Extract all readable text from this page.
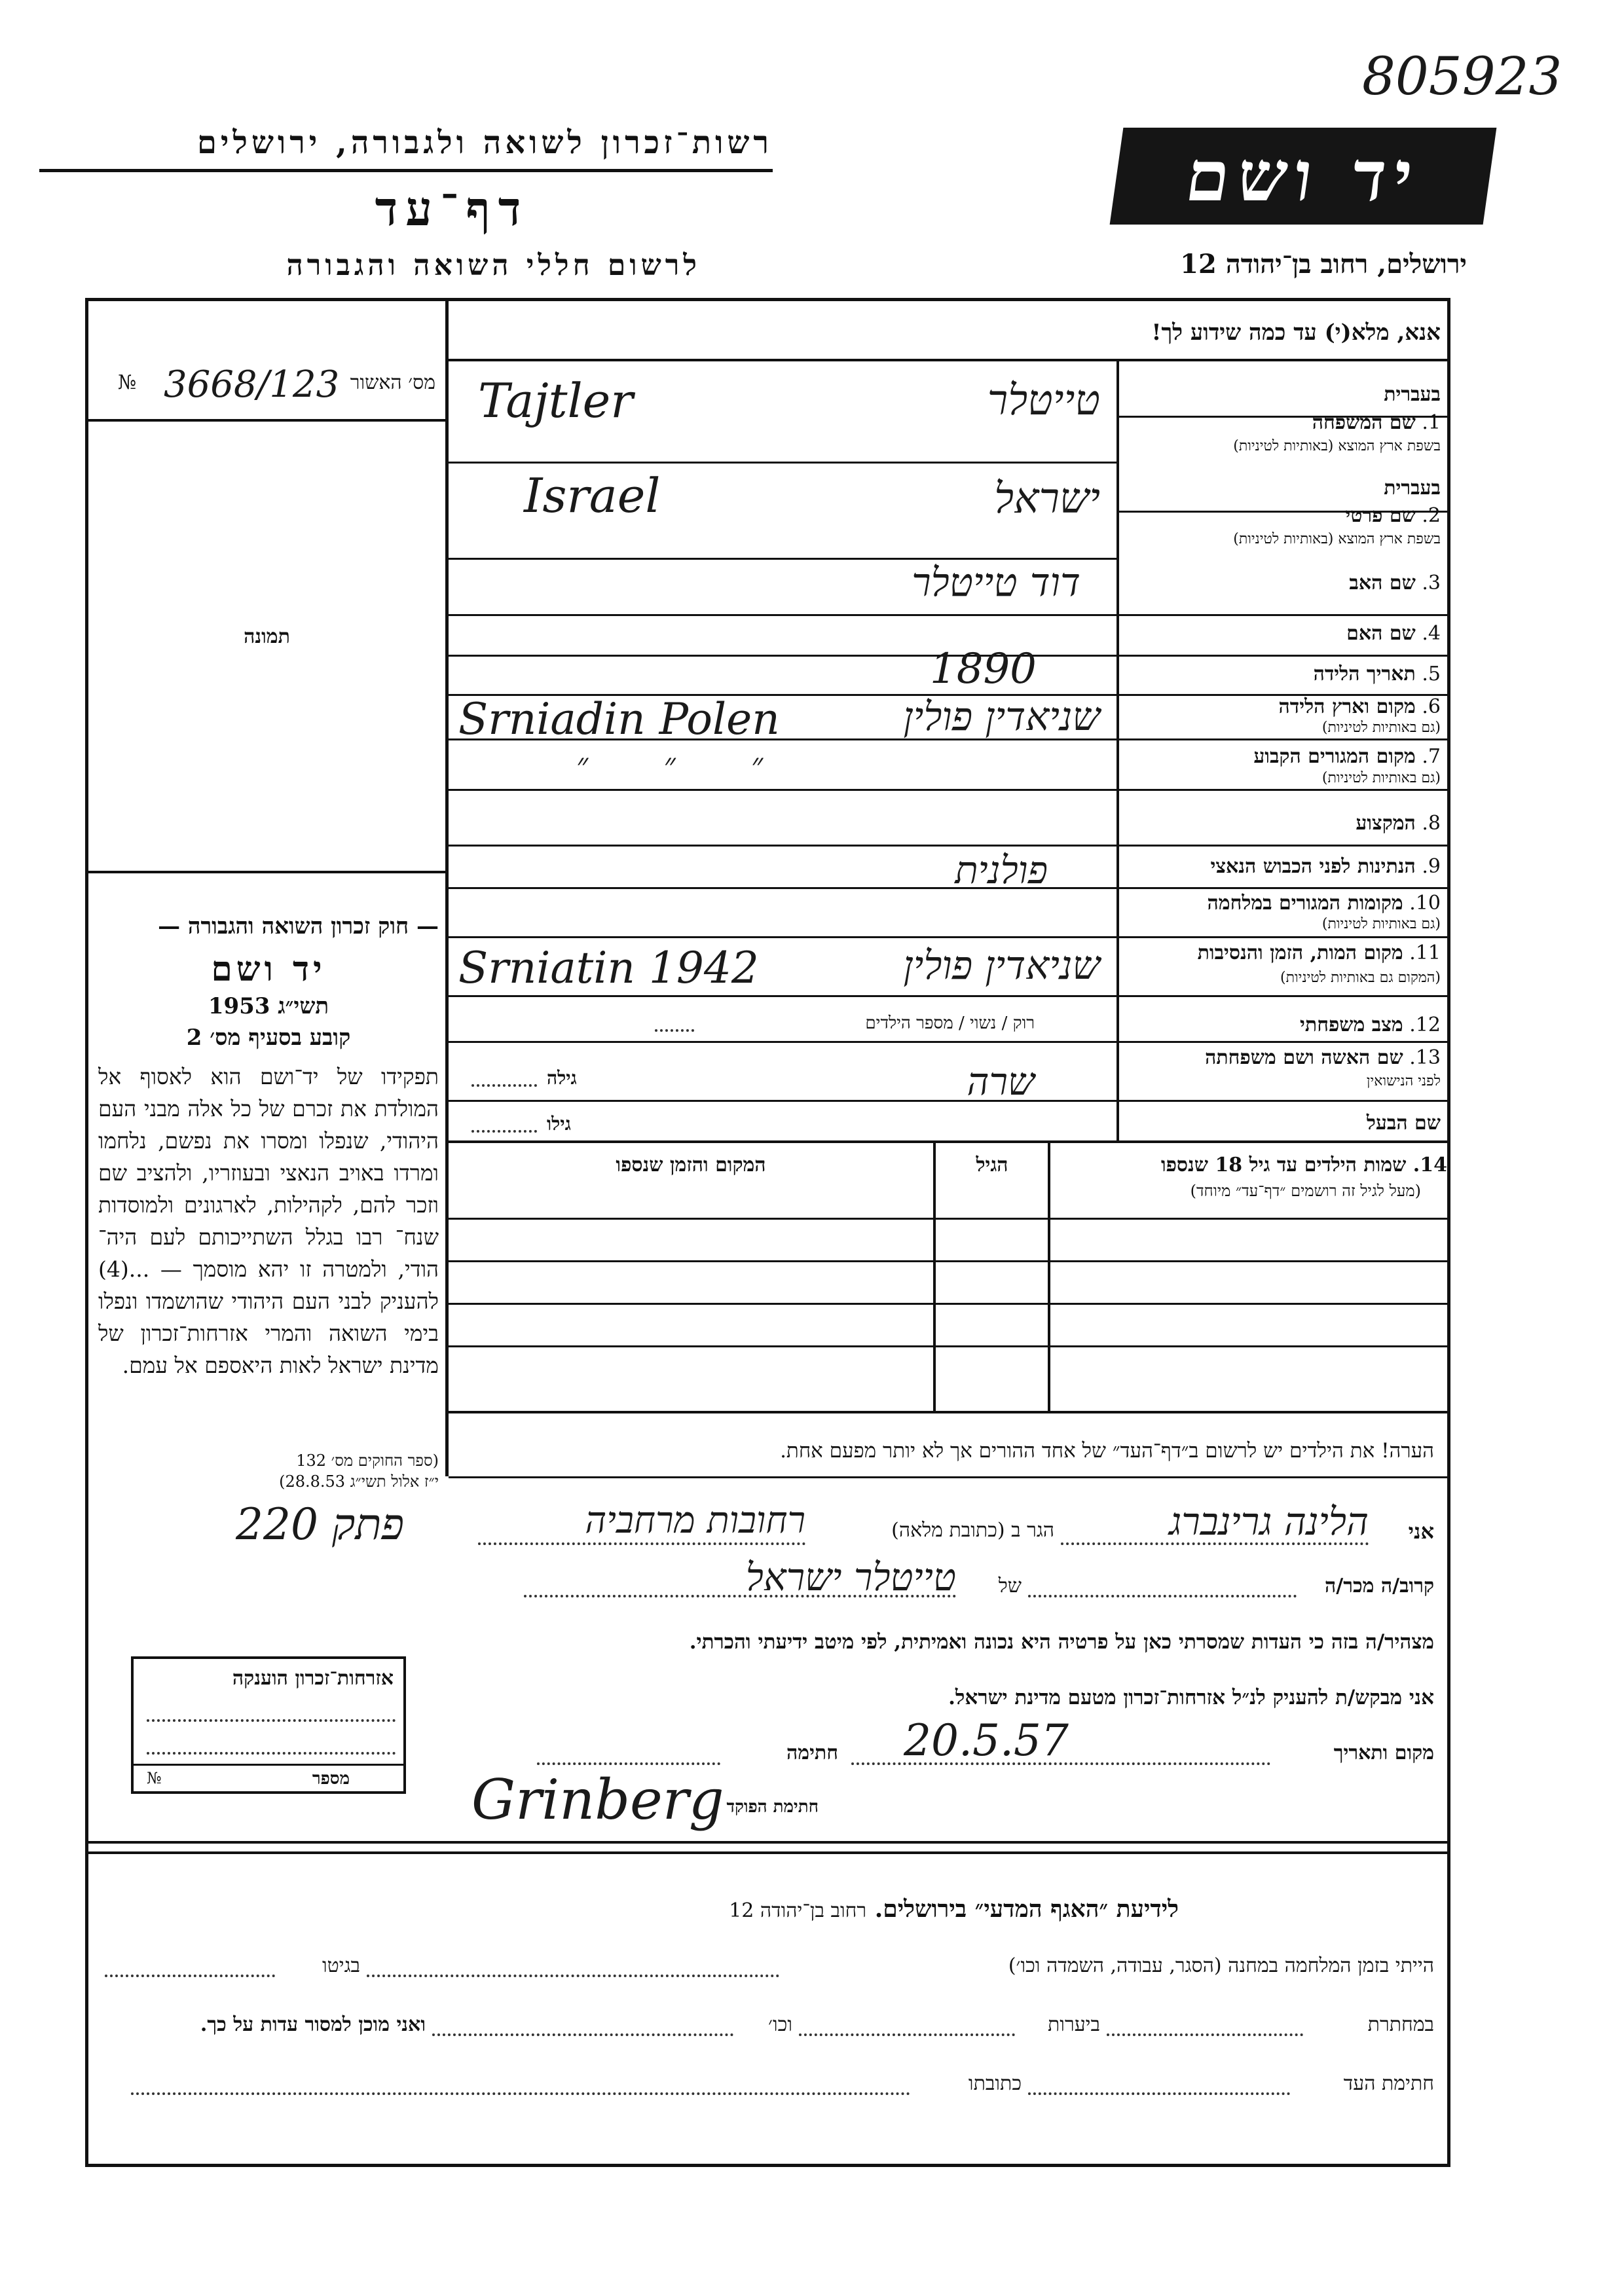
805923
רשות־זכרון לשואה ולגבורה, ירושלים
דף־עד
לרשום חללי השואה והגבורה
יד ושם
ירושלים, רחוב בן־יהודה 12
אנא, מלא(י) עד כמה שידוע לך!
№ 3668/123 מס׳ האשור
תמונה
— חוק זכרון השואה והגבורה —
יד ושם
תשי״ג 1953
קובע בסעיף מס׳ 2
תפקידו של יד־ושם הוא לאסוף אל המולדת את זכרם של כל אלה מבני העם היהודי, שנפלו ומסרו את נפשם, נלחמו ומרדו באויב הנאצי ובעוזריו, ולהציב שם וזכר להם, לקהילות, לארגונים ולמוסדות שנח־ רבו בגלל השתייכותם לעם היה־ הודי, ולמטרה זו יהא מוסמך — ...(4) להעניק לבני העם היהודי שהושמדו ונפלו בימי השואה והמרי אזרחות־זכרון של מדינת ישראל לאות היאספם אל עמם.
(ספר החוקים מס׳ 132
י״ז אלול תשי״ג 28.8.53)
בעברית
1. שם המשפחה
בשפת ארץ המוצא (באותיות לטיניות)
Tajtler	טייטלר
בעברית
2. שם פרטי
בשפת ארץ המוצא (באותיות לטיניות)
Israel	ישראל
3. שם האב
דוד טייטלר
4. שם האם
5. תאריך הלידה
1890
6. מקום וארץ הלידה
(גם באותיות לטיניות)
Srniadin Polen	שניאדין פולין
7. מקום המגורים הקבוע
(גם באותיות לטיניות)
״ ״ ״
8. המקצוע
9. הנתינות לפני הכבוש הנאצי
פולנית
10. מקומות המגורים במלחמה
(גם באותיות לטיניות)
11. מקום המות, הזמן והנסיבות
(המקום גם באותיות לטיניות)
Srniatin 1942	שניאדין פולין
12. מצב משפחתי
רוק / נשוי / מספר הילדים
13. שם האשה ושם משפחתה
לפני הנישואין
גילה	שרה
שם הבעל
גילו
14. שמות הילדים עד גיל 18 שנספו
(מעל לגיל זה רושמים ״דף־עד״ מיוחד)
הגיל
המקום והזמן שנספו
הערה! את הילדים יש לרשום ב״דף־העד״ של אחד ההורים אך לא יותר מפעם אחת.
אני
הלינה גרינברג
הגר ב (כתובת מלאה)
רחובות מרחביה
קרוב/ה מכר/ה
של
טייטלר ישראל
220 פתק
מצהיר/ה בזה כי העדות שמסרתי כאן על פרטיה היא נכונה ואמיתית, לפי מיטב ידיעתי והכרתי.
אני מבקש/ת להעניק לנ״ל אזרחות־זכרון מטעם מדינת ישראל.
מקום ותאריך
20.5.57
חתימה
Grinberg חתימת הפוקד
אזרחות־זכרון הוענקה
№	מספר
לידיעת ״האגף המדעי״ בירושלים. רחוב בן־יהודה 12
הייתי בזמן המלחמה במחנה (הסגר, עבודה, השמדה וכו׳)
בגיטו
במחתרת
ביערות
וכו׳
ואני מוכן למסור עדות על כך.
חתימת העד
כתובתו
